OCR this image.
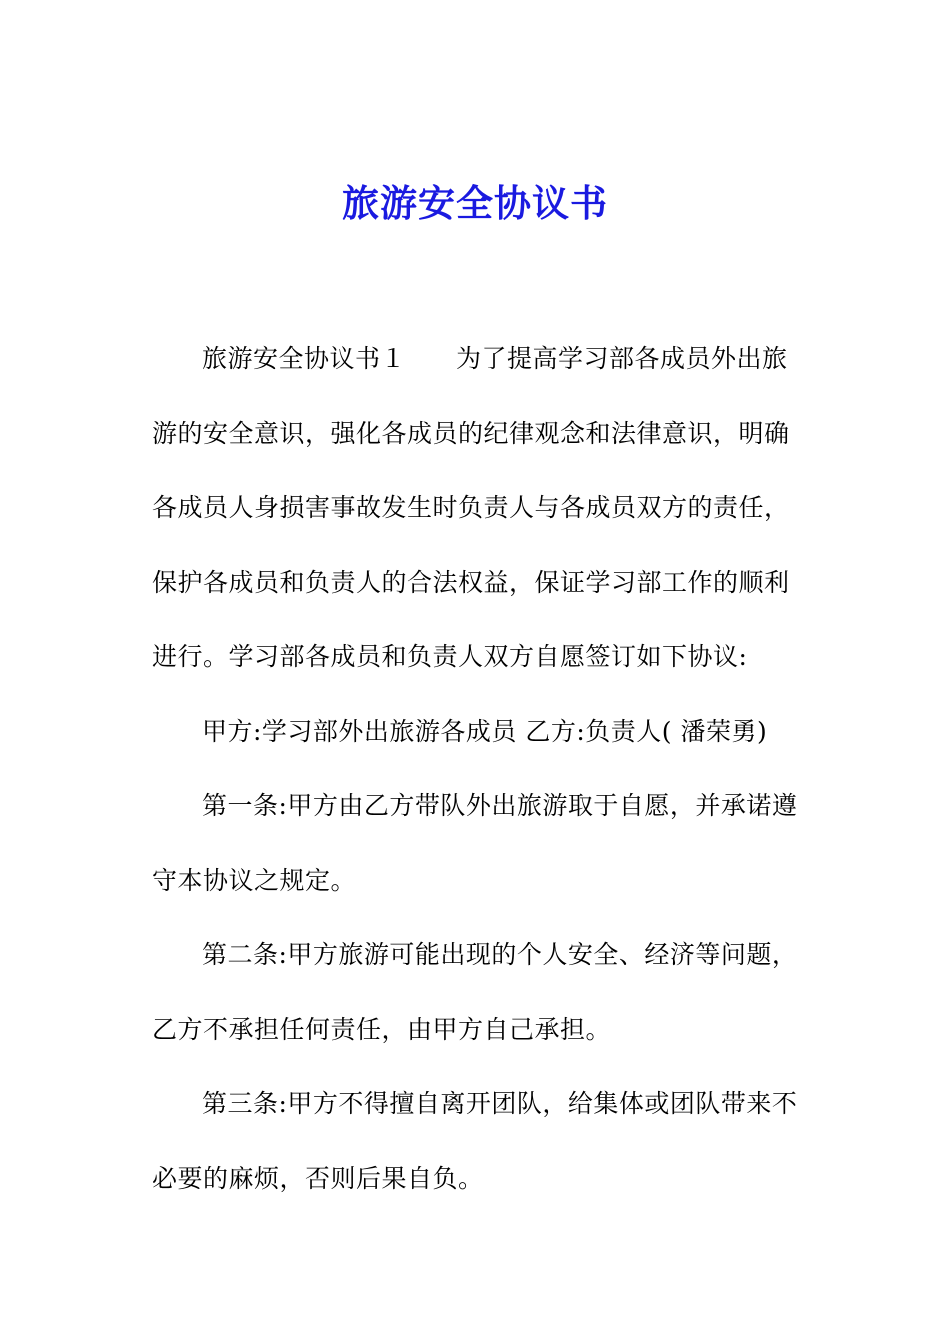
旅游安全协议书

旅游安全协议书１ 为了提高学习部各成员外出旅游的安全意识，强化各成员的纪律观念和法律意识，明确各成员人身损害事故发生时负责人与各成员双方的责任，保护各成员和负责人的合法权益，保证学习部工作的顺利进行。学习部各成员和负责人双方自愿签订如下协议:

甲方:学习部外出旅游各成员 乙方:负责人( 潘荣勇)

第一条:甲方由乙方带队外出旅游取于自愿，并承诺遵守本协议之规定。

第二条:甲方旅游可能出现的个人安全、经济等问题，乙方不承担任何责任，由甲方自己承担。

第三条:甲方不得擅自离开团队，给集体或团队带来不必要的麻烦，否则后果自负。
